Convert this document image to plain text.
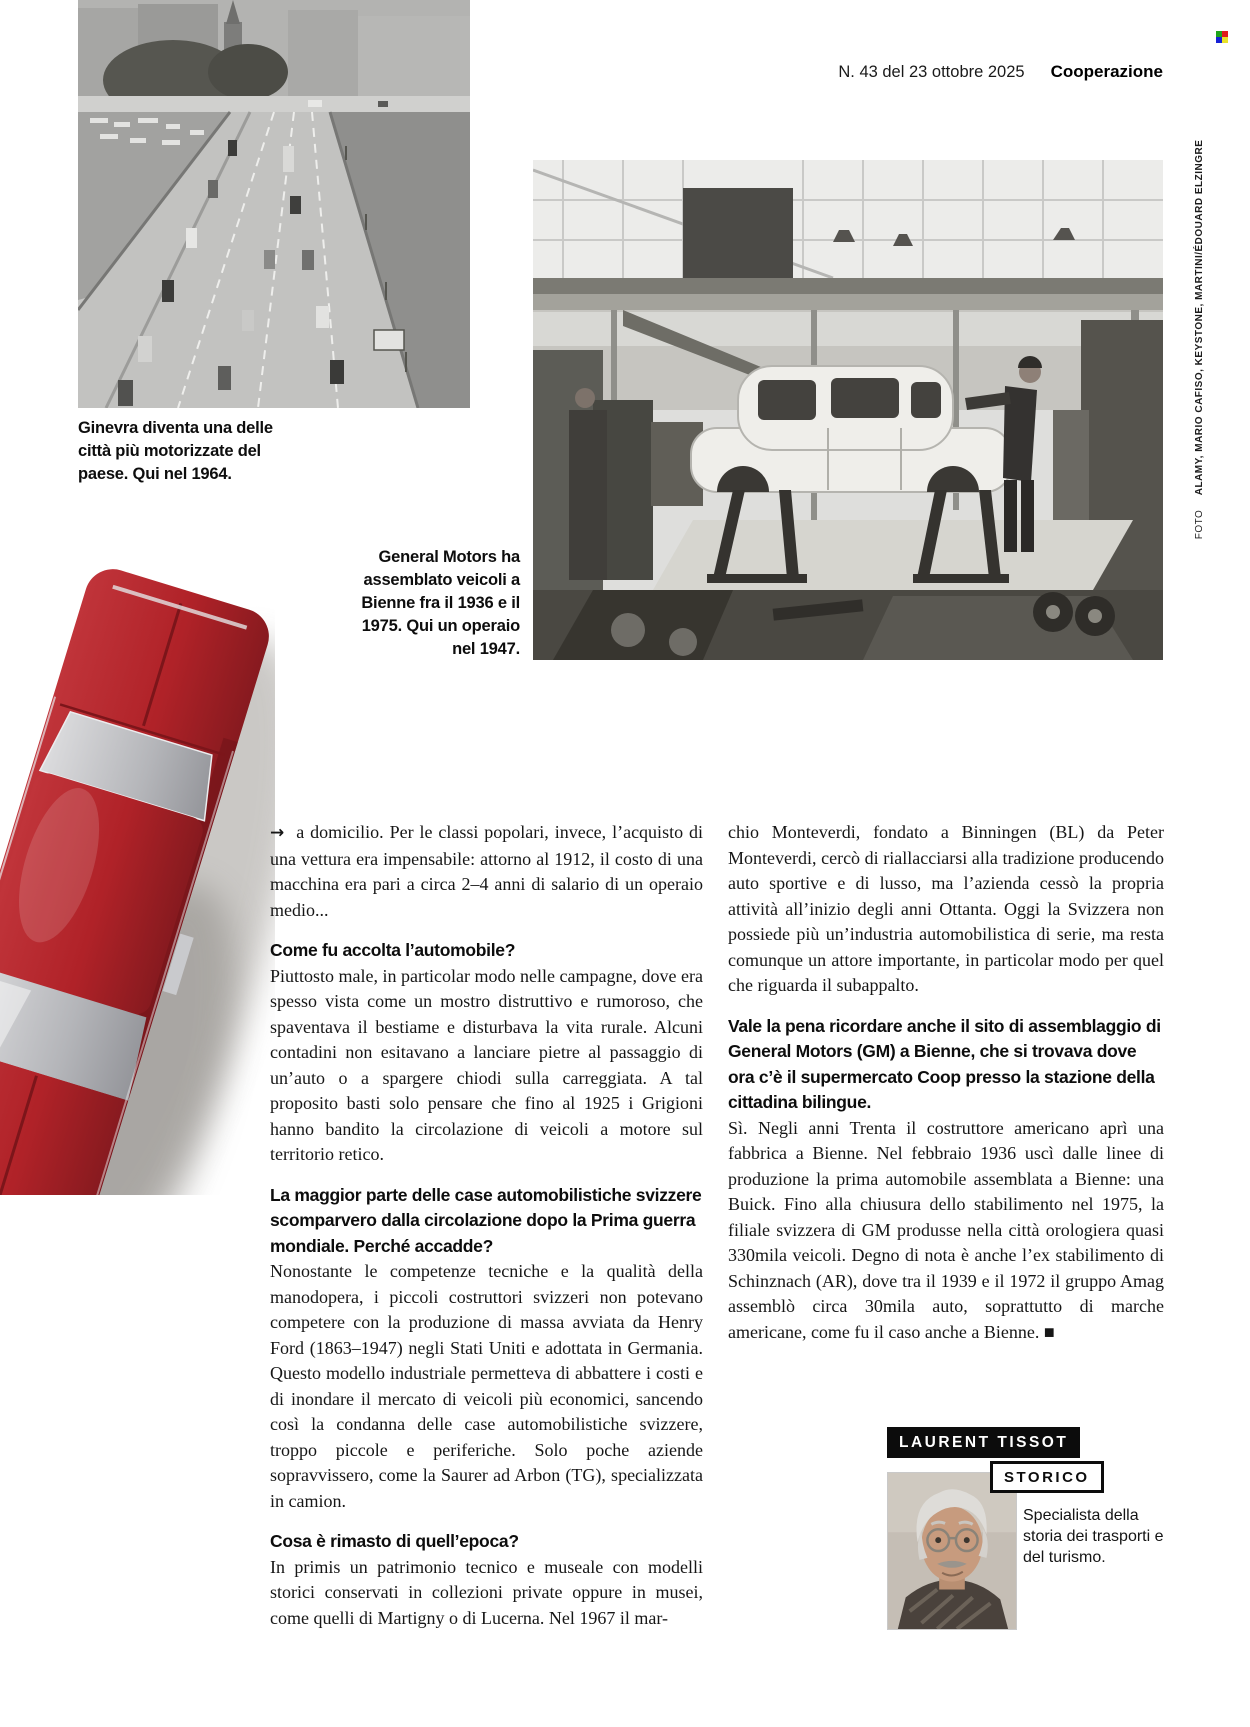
N. 43 del 23 ottobre 2025 Cooperazione
Ginevra diventa una delle città più motorizzate del paese. Qui nel 1964.
General Motors ha assemblato veicoli a Bienne fra il 1936 e il 1975. Qui un operaio nel 1947.
FOTOALAMY, MARIO CAFISO, KEYSTONE, MARTINI/ÉDOUARD ELZINGRE

→ a domicilio. Per le classi popolari, invece, l’acquisto di una vettura era impensabile: attorno al 1912, il costo di una macchina era pari a circa 2–4 anni di salario di un operaio medio...

Come fu accolta l’automobile?

Piuttosto male, in particolar modo nelle campagne, dove era spesso vista come un mostro distruttivo e rumoroso, che spaventava il bestiame e disturbava la vita rurale. Alcuni contadini non esitavano a lanciare pietre al passaggio di un’auto o a spargere chiodi sulla carreggiata. A tal proposito basti solo pensare che fino al 1925 i Grigioni hanno bandito la circolazione di veicoli a motore sul territorio retico.

La maggior parte delle case automobilistiche svizzere scomparvero dalla circolazione dopo la Prima guerra mondiale. Perché accadde?

Nonostante le competenze tecniche e la qualità della manodopera, i piccoli costruttori svizzeri non potevano competere con la produzione di massa avviata da Henry Ford (1863–1947) negli Stati Uniti e adottata in Germania. Questo modello industriale permetteva di abbattere i costi e di inondare il mercato di veicoli più economici, sancendo così la condanna delle case automobilistiche svizzere, troppo piccole e periferiche. Solo poche aziende sopravvissero, come la Saurer ad Arbon (TG), specializzata in camion.

Cosa è rimasto di quell’epoca?

In primis un patrimonio tecnico e museale con modelli storici conservati in collezioni private oppure in musei, come quelli di Martigny o di Lucerna. Nel 1967 il mar-

chio Monteverdi, fondato a Binningen (BL) da Peter Monteverdi, cercò di riallacciarsi alla tradizione producendo auto sportive e di lusso, ma l’azienda cessò la propria attività all’inizio degli anni Ottanta. Oggi la Svizzera non possiede più un’industria automobilistica di serie, ma resta comunque un attore importante, in particolar modo per quel che riguarda il subappalto.

Vale la pena ricordare anche il sito di assemblaggio di General Motors (GM) a Bienne, che si trovava dove ora c’è il supermercato Coop presso la stazione della cittadina bilingue.

Sì. Negli anni Trenta il costruttore americano aprì una fabbrica a Bienne. Nel febbraio 1936 uscì dalle linee di produzione la prima automobile assemblata a Bienne: una Buick. Fino alla chiusura dello stabilimento nel 1975, la filiale svizzera di GM produsse nella città orologiera quasi 330mila veicoli. Degno di nota è anche l’ex stabilimento di Schinznach (AR), dove tra il 1939 e il 1972 il gruppo Amag assemblò circa 30mila auto, soprattutto di marche americane, come fu il caso anche a Bienne. ■

LAURENT TISSOT
STORICO
Specialista della storia dei trasporti e del turismo.
